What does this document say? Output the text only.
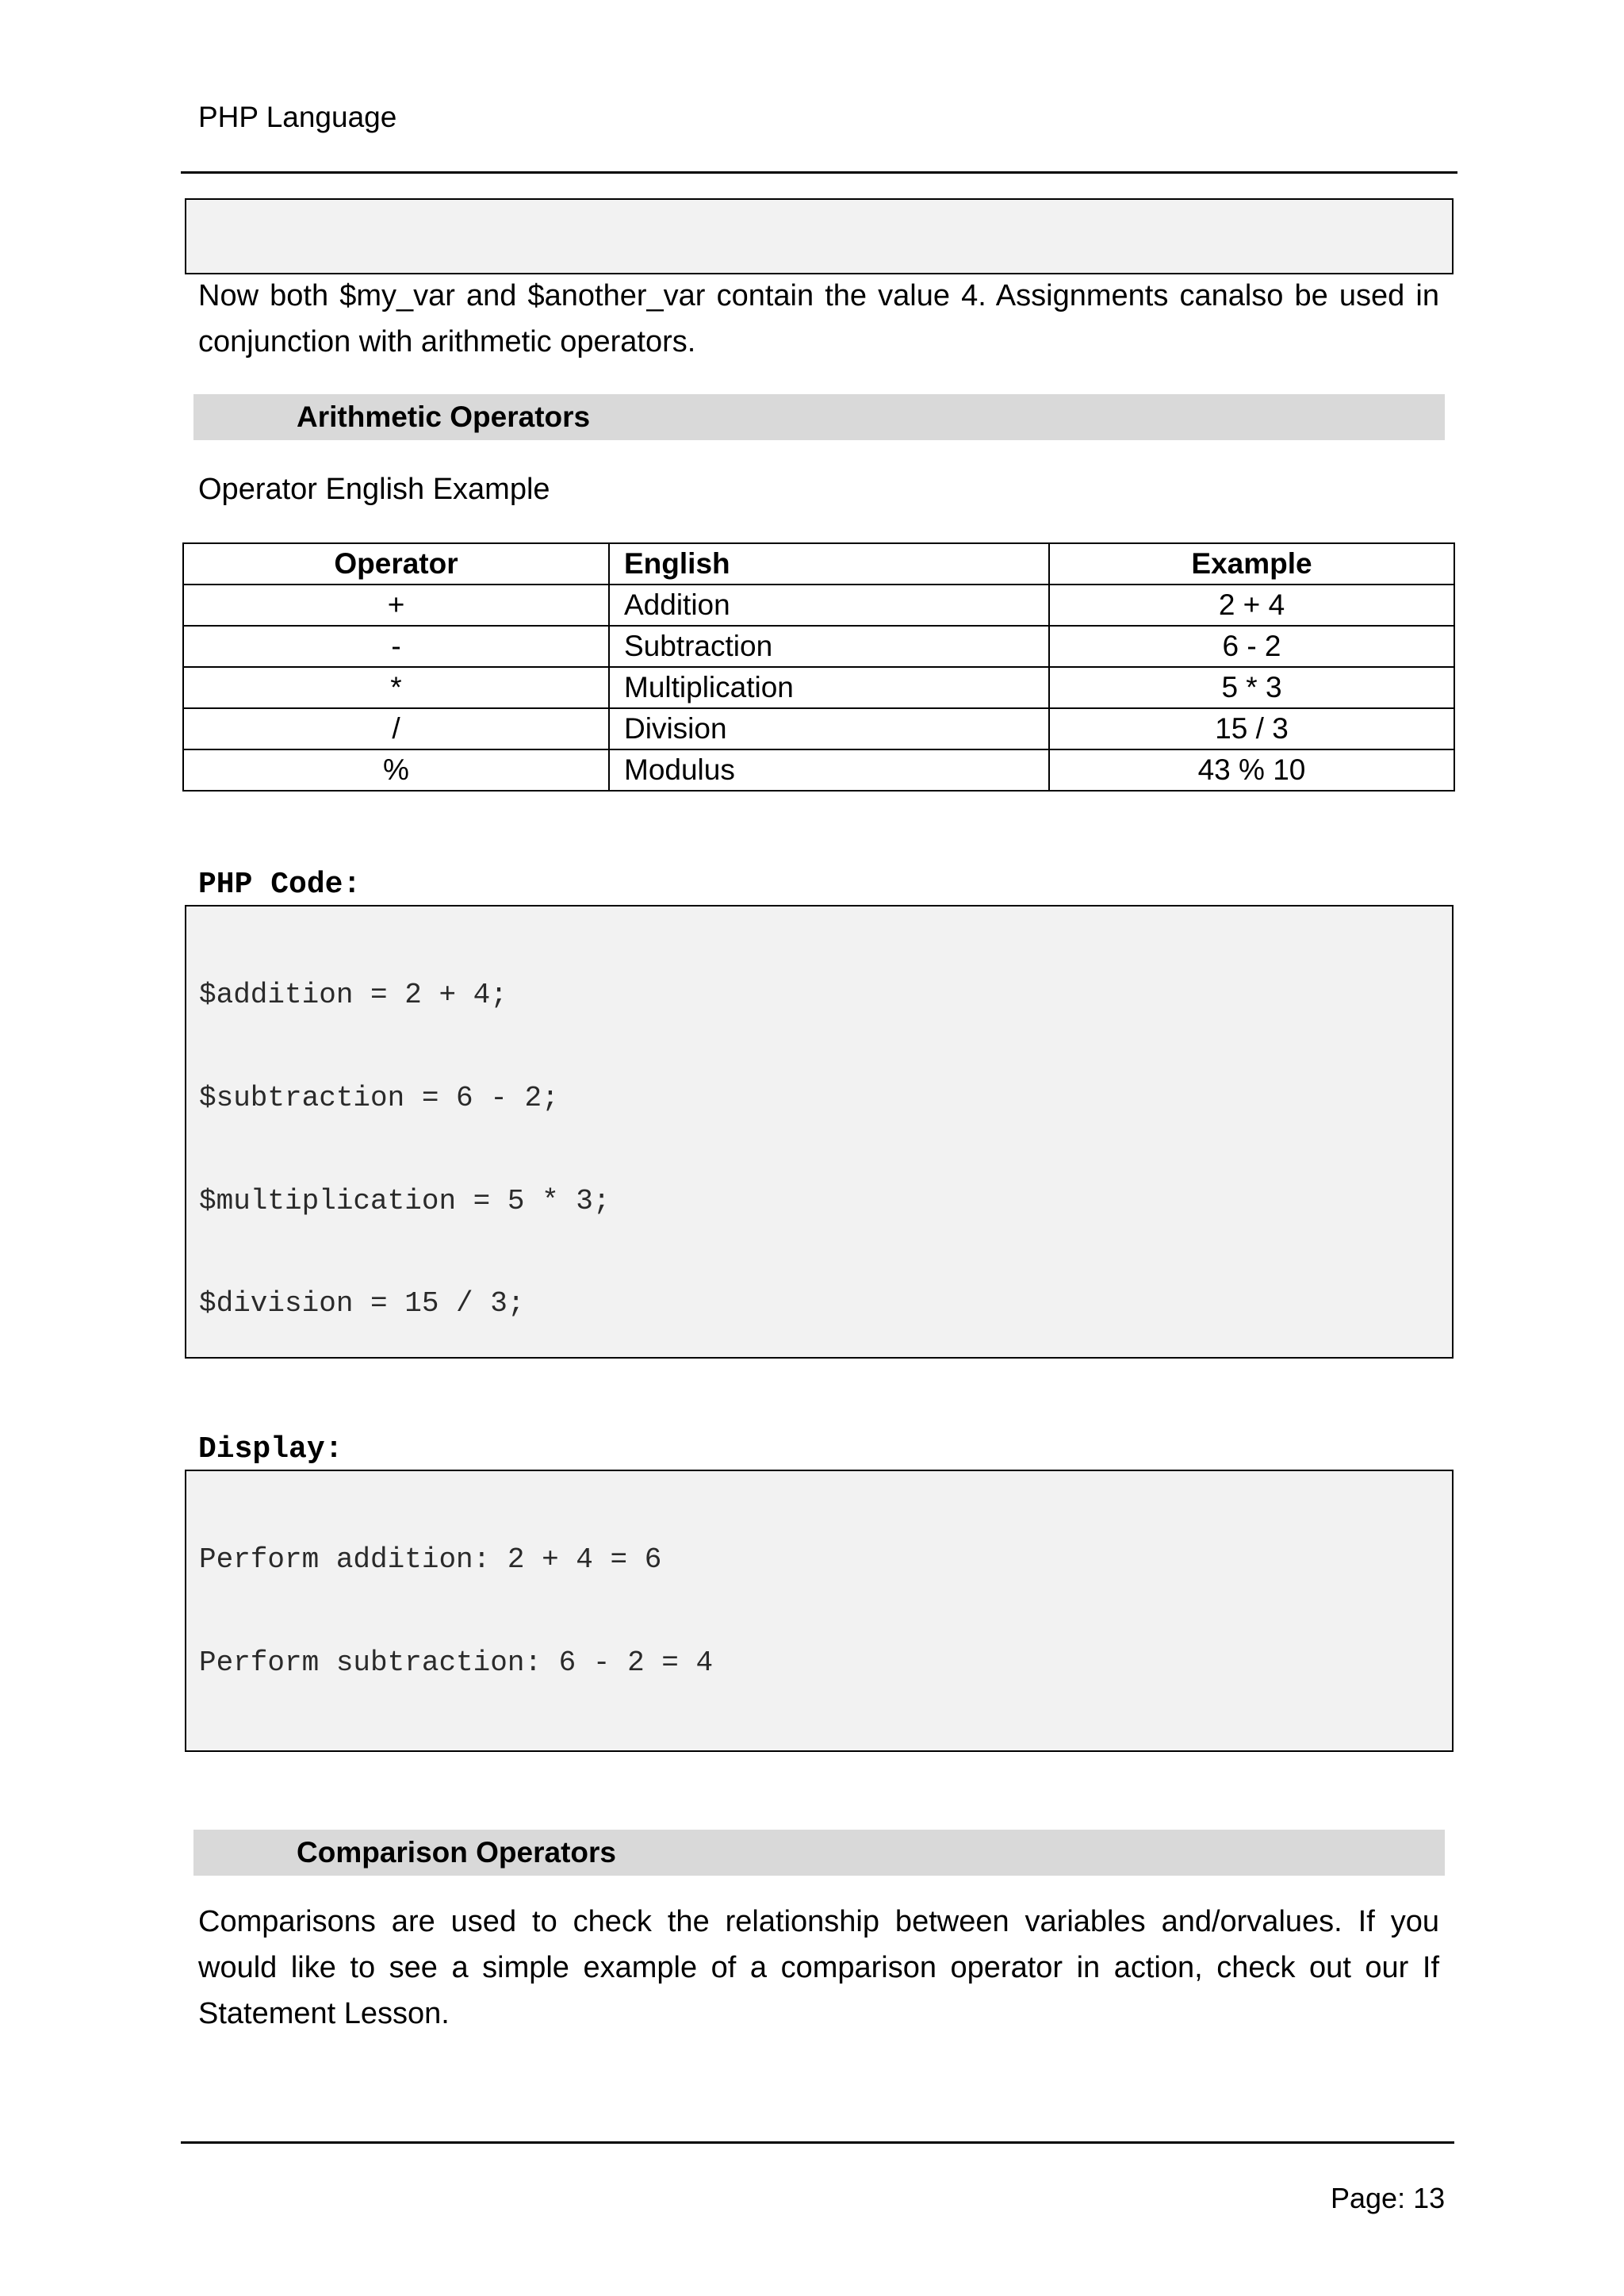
PHP Language

Now both $my_var and $another_var contain the value 4. Assignments canalso be used in conjunction with arithmetic operators.
Arithmetic Operators
Operator English Example
Operator	English	Example
+	Addition	2 + 4
-	Subtraction	6 - 2
*	Multiplication	5 * 3
/	Division	15 / 3
%	Modulus	43 % 10
PHP Code:

$addition = 2 + 4;

$subtraction = 6 - 2;

$multiplication = 5 * 3;

$division = 15 / 3;

Display:

Perform addition: 2 + 4 = 6

Perform subtraction: 6 - 2 = 4

Comparison Operators
Comparisons are used to check the relationship between variables and/orvalues. If you would like to see a simple example of a comparison operator in action, check out our If Statement Lesson.
Page: 13
